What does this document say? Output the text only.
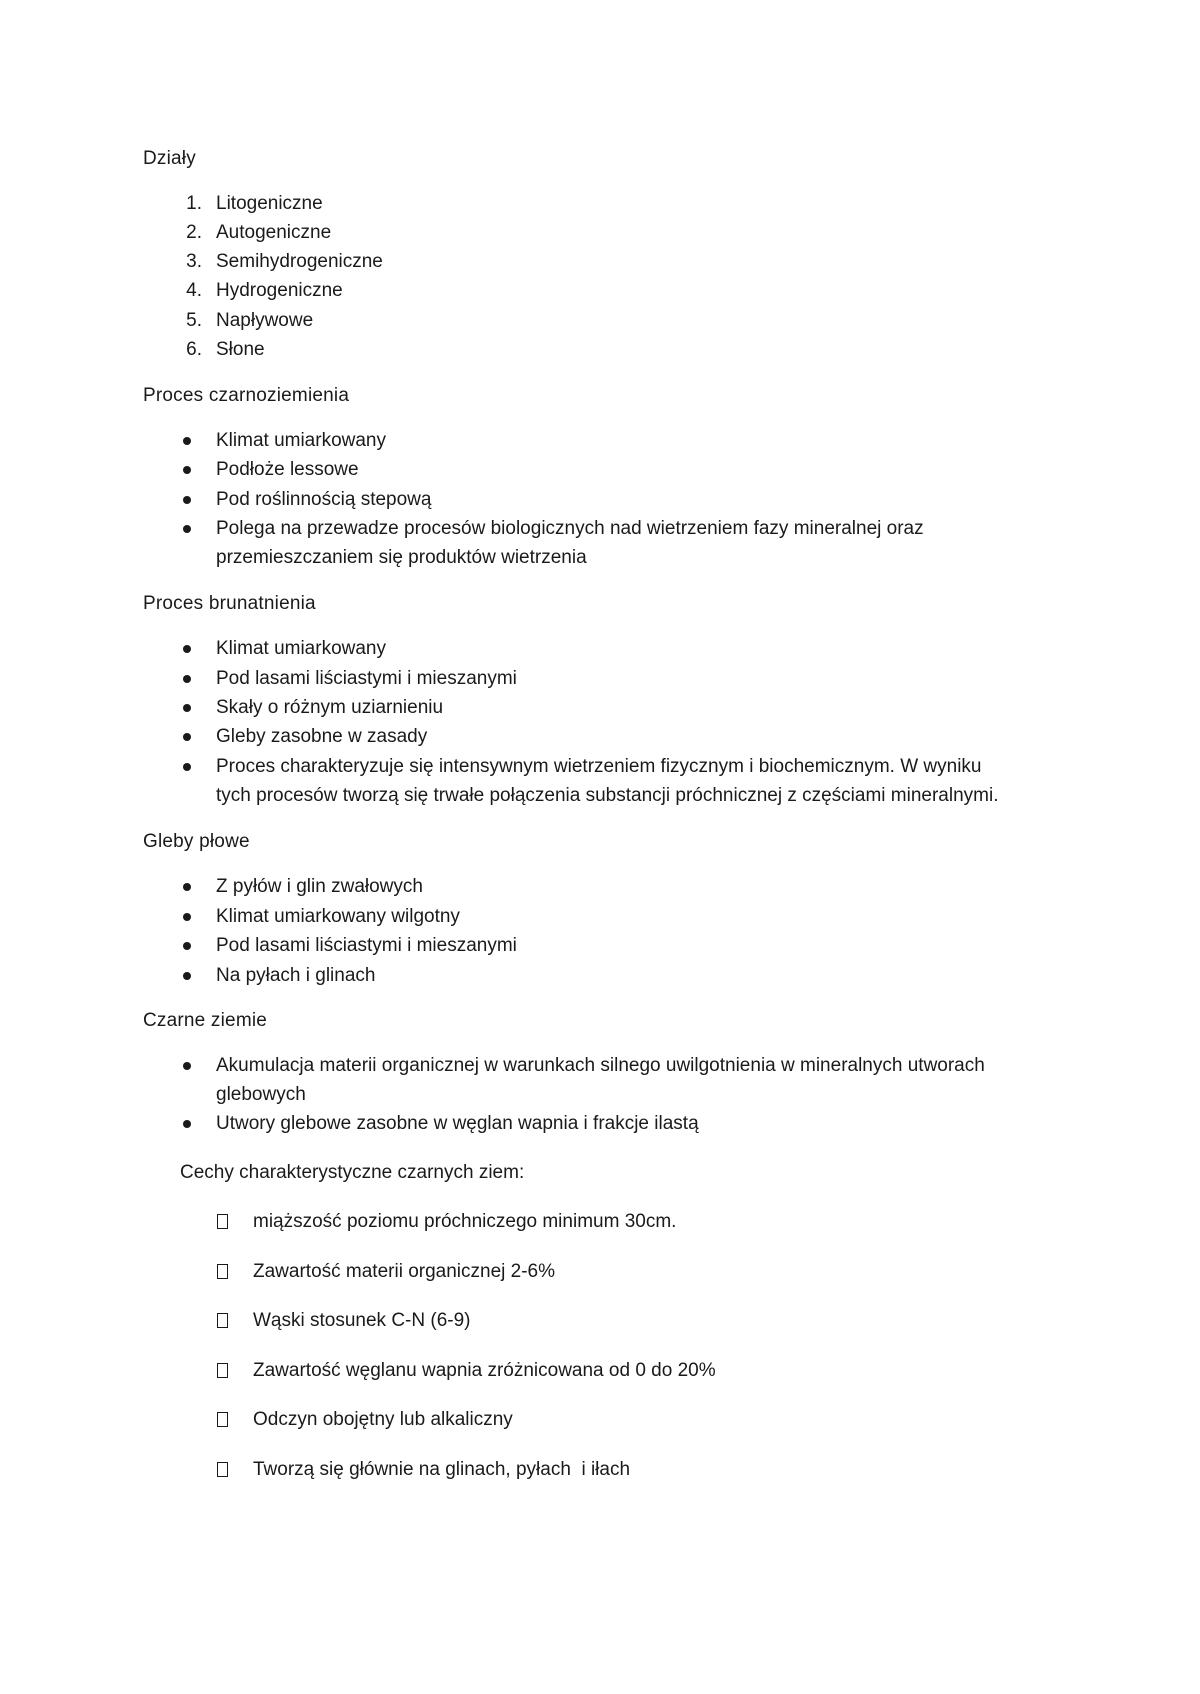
Działy
1. Litogeniczne
2. Autogeniczne
3. Semihydrogeniczne
4. Hydrogeniczne
5. Napływowe
6. Słone
Proces czarnoziemienia
Klimat umiarkowany
Podłoże lessowe
Pod roślinnością stepową
Polega na przewadze procesów biologicznych nad wietrzeniem fazy mineralnej oraz
przemieszczaniem się produktów wietrzenia
Proces brunatnienia
Klimat umiarkowany
Pod lasami liściastymi i mieszanymi
Skały o różnym uziarnieniu
Gleby zasobne w zasady
Proces charakteryzuje się intensywnym wietrzeniem fizycznym i biochemicznym. W wyniku
tych procesów tworzą się trwałe połączenia substancji próchnicznej z częściami mineralnymi.
Gleby płowe
Z pyłów i glin zwałowych
Klimat umiarkowany wilgotny
Pod lasami liściastymi i mieszanymi
Na pyłach i glinach
Czarne ziemie
Akumulacja materii organicznej w warunkach silnego uwilgotnienia w mineralnych utworach
glebowych
Utwory glebowe zasobne w węglan wapnia i frakcje ilastą
Cechy charakterystyczne czarnych ziem:
miąższość poziomu próchniczego minimum 30cm.
Zawartość materii organicznej 2-6%
Wąski stosunek C-N (6-9)
Zawartość węglanu wapnia zróżnicowana od 0 do 20%
Odczyn obojętny lub alkaliczny
Tworzą się głównie na glinach, pyłach  i iłach
